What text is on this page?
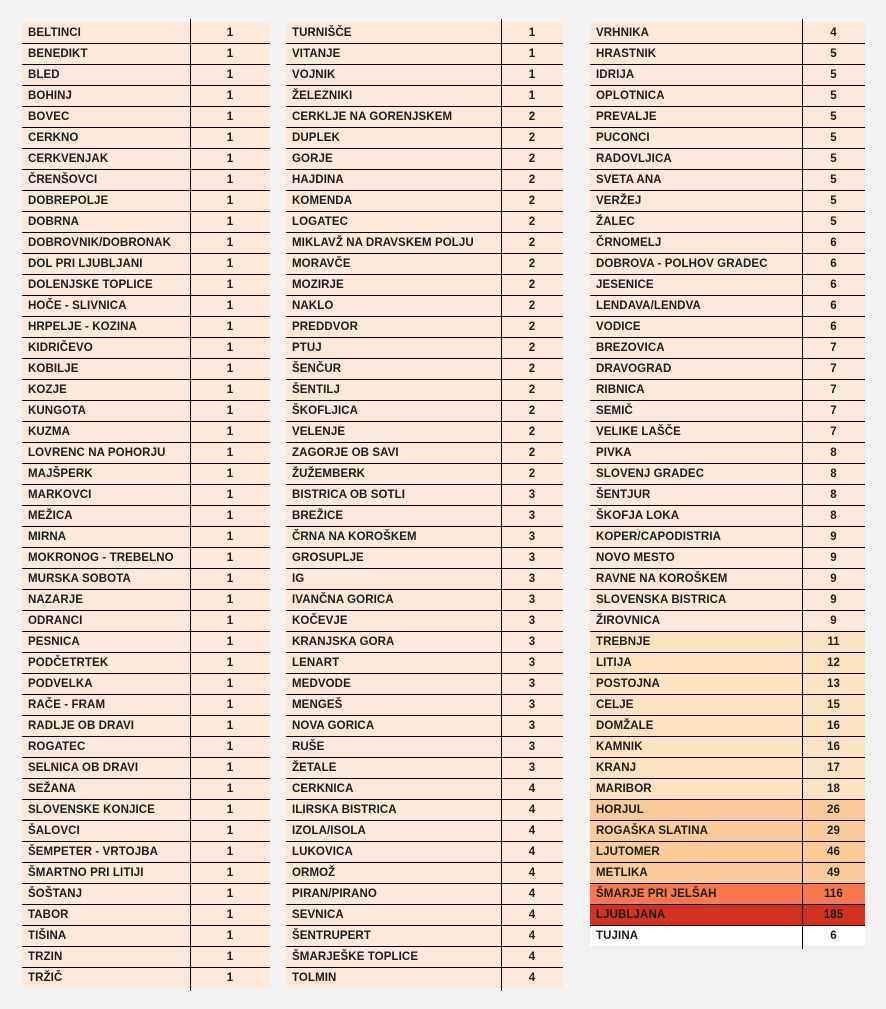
BELTINCI	1
BENEDIKT	1
BLED	1
BOHINJ	1
BOVEC	1
CERKNO	1
CERKVENJAK	1
ČRENŠOVCI	1
DOBREPOLJE	1
DOBRNA	1
DOBROVNIK/DOBRONAK	1
DOL PRI LJUBLJANI	1
DOLENJSKE TOPLICE	1
HOČE - SLIVNICA	1
HRPELJE - KOZINA	1
KIDRIČEVO	1
KOBILJE	1
KOZJE	1
KUNGOTA	1
KUZMA	1
LOVRENC NA POHORJU	1
MAJŠPERK	1
MARKOVCI	1
MEŽICA	1
MIRNA	1
MOKRONOG - TREBELNO	1
MURSKA SOBOTA	1
NAZARJE	1
ODRANCI	1
PESNICA	1
PODČETRTEK	1
PODVELKA	1
RAČE - FRAM	1
RADLJE OB DRAVI	1
ROGATEC	1
SELNICA OB DRAVI	1
SEŽANA	1
SLOVENSKE KONJICE	1
ŠALOVCI	1
ŠEMPETER - VRTOJBA	1
ŠMARTNO PRI LITIJI	1
ŠOŠTANJ	1
TABOR	1
TIŠINA	1
TRZIN	1
TRŽIČ	1
TURNIŠČE	1
VITANJE	1
VOJNIK	1
ŽELEZNIKI	1
CERKLJE NA GORENJSKEM	2
DUPLEK	2
GORJE	2
HAJDINA	2
KOMENDA	2
LOGATEC	2
MIKLAVŽ NA DRAVSKEM POLJU	2
MORAVČE	2
MOZIRJE	2
NAKLO	2
PREDDVOR	2
PTUJ	2
ŠENČUR	2
ŠENTILJ	2
ŠKOFLJICA	2
VELENJE	2
ZAGORJE OB SAVI	2
ŽUŽEMBERK	2
BISTRICA OB SOTLI	3
BREŽICE	3
ČRNA NA KOROŠKEM	3
GROSUPLJE	3
IG	3
IVANČNA GORICA	3
KOČEVJE	3
KRANJSKA GORA	3
LENART	3
MEDVODE	3
MENGEŠ	3
NOVA GORICA	3
RUŠE	3
ŽETALE	3
CERKNICA	4
ILIRSKA BISTRICA	4
IZOLA/ISOLA	4
LUKOVICA	4
ORMOŽ	4
PIRAN/PIRANO	4
SEVNICA	4
ŠENTRUPERT	4
ŠMARJEŠKE TOPLICE	4
TOLMIN	4
VRHNIKA	4
HRASTNIK	5
IDRIJA	5
OPLOTNICA	5
PREVALJE	5
PUCONCI	5
RADOVLJICA	5
SVETA ANA	5
VERŽEJ	5
ŽALEC	5
ČRNOMELJ	6
DOBROVA - POLHOV GRADEC	6
JESENICE	6
LENDAVA/LENDVA	6
VODICE	6
BREZOVICA	7
DRAVOGRAD	7
RIBNICA	7
SEMIČ	7
VELIKE LAŠČE	7
PIVKA	8
SLOVENJ GRADEC	8
ŠENTJUR	8
ŠKOFJA LOKA	8
KOPER/CAPODISTRIA	9
NOVO MESTO	9
RAVNE NA KOROŠKEM	9
SLOVENSKA BISTRICA	9
ŽIROVNICA	9
TREBNJE	11
LITIJA	12
POSTOJNA	13
CELJE	15
DOMŽALE	16
KAMNIK	16
KRANJ	17
MARIBOR	18
HORJUL	26
ROGAŠKA SLATINA	29
LJUTOMER	46
METLIKA	49
ŠMARJE PRI JELŠAH	116
LJUBLJANA	185
TUJINA	6
